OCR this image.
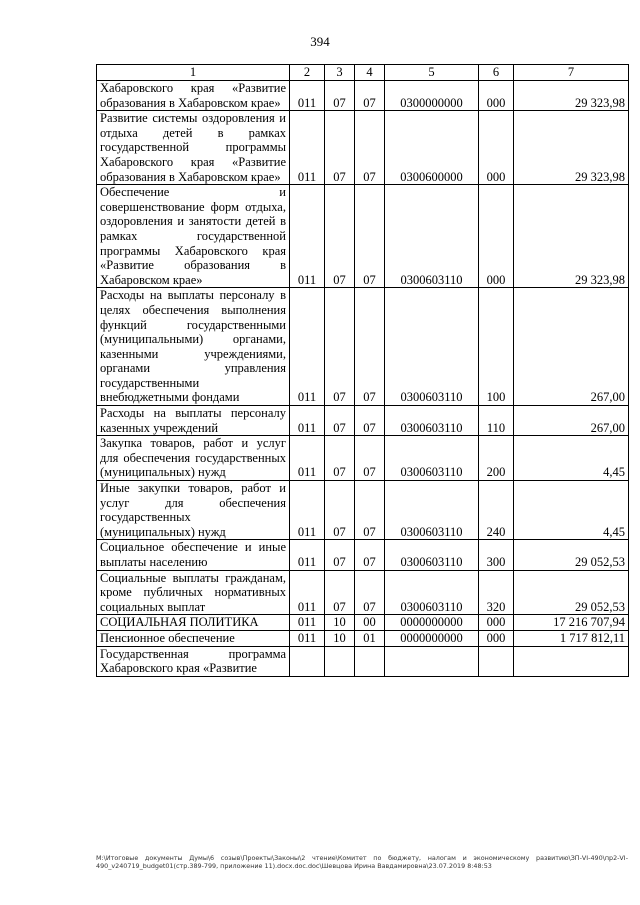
394
1	2	3	4	5	6	7
Хабаровского края «Развитие образования в Хабаровском крае»	011	07	07	0300000000	000	29 323,98
Развитие системы оздоровления и отдыха детей в рамках государственной программы Хабаровского края «Развитие образования в Хабаровском крае»	011	07	07	0300600000	000	29 323,98
Обеспечение и совершенствование форм отдыха, оздоровления и занятости детей в рамках государственной программы Хабаровского края «Развитие образования в Хабаровском крае»	011	07	07	0300603110	000	29 323,98
Расходы на выплаты персоналу в целях обеспечения выполнения функций государственными (муниципальными) органами, казенными учреждениями, органами управления государственными внебюджетными фондами	011	07	07	0300603110	100	267,00
Расходы на выплаты персоналу казенных учреждений	011	07	07	0300603110	110	267,00
Закупка товаров, работ и услуг для обеспечения государственных (муниципальных) нужд	011	07	07	0300603110	200	4,45
Иные закупки товаров, работ и услуг для обеспечения государственных (муниципальных) нужд	011	07	07	0300603110	240	4,45
Социальное обеспечение и иные выплаты населению	011	07	07	0300603110	300	29 052,53
Социальные выплаты гражданам, кроме публичных нормативных социальных выплат	011	07	07	0300603110	320	29 052,53
СОЦИАЛЬНАЯ ПОЛИТИКА	011	10	00	0000000000	000	17 216 707,94
Пенсионное обеспечение	011	10	01	0000000000	000	1 717 812,11
Государственная программа Хабаровского края «Развитие						
M:\Итоговые документы Думы\6 созыв\Проекты\Законы\2 чтение\Комитет по бюджету, налогам и экономическому развитию\ЗП-VI-490\пр2-VI-490_v240719_budget01(стр.389-799, приложение 11).docx.doc.doc\Шевцова Ирина Вавдамировна\23.07.2019 8:48:53
